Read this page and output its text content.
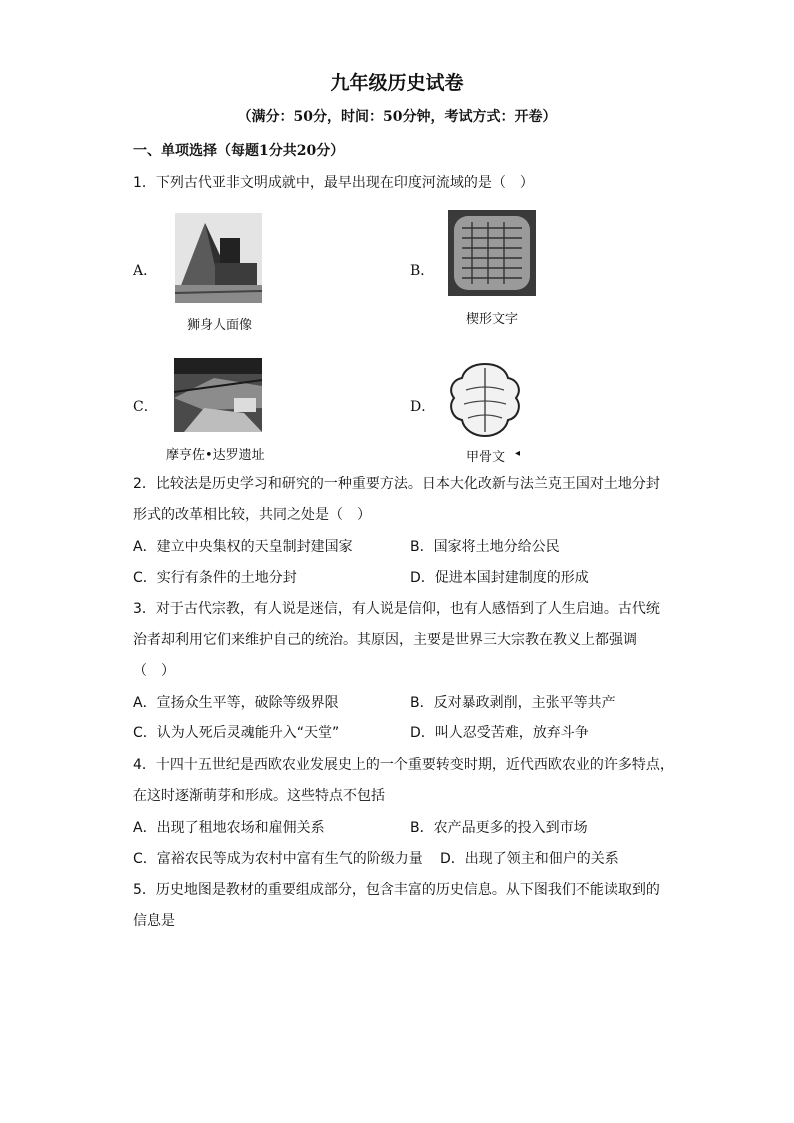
九年级历史试卷
（满分：50分，时间：50分钟，考试方式：开卷）
一、单项选择（每题1分共20分）
1．下列古代亚非文明成就中，最早出现在印度河流域的是（　）
A．
狮身人面像
B．
楔形文字
C．
摩亨佐•达罗遗址
D．
甲骨文 ◂
2．比较法是历史学习和研究的一种重要方法。日本大化改新与法兰克王国对土地分封
形式的改革相比较，共同之处是（　）
A．建立中央集权的天皇制封建国家	B．国家将土地分给公民
C．实行有条件的土地分封	D．促进本国封建制度的形成
3．对于古代宗教，有人说是迷信，有人说是信仰，也有人感悟到了人生启迪。古代统
治者却利用它们来维护自己的统治。其原因，主要是世界三大宗教在教义上都强调
（　）
A．宣扬众生平等，破除等级界限	B．反对暴政剥削，主张平等共产
C．认为人死后灵魂能升入“天堂”	D．叫人忍受苦难，放弃斗争
4．十四十五世纪是西欧农业发展史上的一个重要转变时期，近代西欧农业的许多特点，
在这时逐渐萌芽和形成。这些特点不包括
A．出现了租地农场和雇佣关系	B．农产品更多的投入到市场
C．富裕农民等成为农村中富有生气的阶级力量 D．出现了领主和佃户的关系
5．历史地图是教材的重要组成部分，包含丰富的历史信息。从下图我们不能读取到的
信息是
